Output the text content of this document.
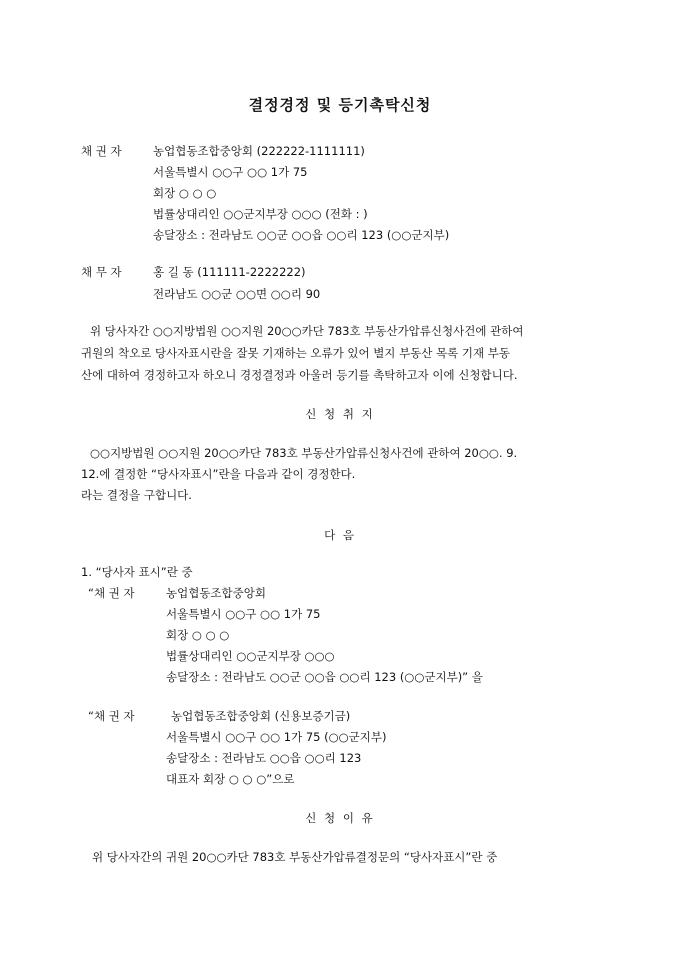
결정경정 및 등기촉탁신청
채 권 자	농업협동조합중앙회 (222222-1111111)
서울특별시 ○○구 ○○ 1가 75
회장 ○ ○ ○
법률상대리인 ○○군지부장 ○○○ (전화 : )
송달장소 : 전라남도 ○○군 ○○읍 ○○리 123 (○○군지부)
채 무 자	홍 길 동 (111111-2222222)
전라남도 ○○군 ○○면 ○○리 90
위 당사자간 ○○지방법원 ○○지원 20○○카단 783호 부동산가압류신청사건에 관하여
귀원의 착오로 당사자표시란을 잘못 기재하는 오류가 있어 별지 부동산 목록 기재 부동
산에 대하여 경정하고자 하오니 경정결정과 아울러 등기를 촉탁하고자 이에 신청합니다.
신 청 취 지
○○지방법원 ○○지원 20○○카단 783호 부동산가압류신청사건에 관하여 20○○. 9.
12.에 결정한 “당사자표시”란을 다음과 같이 경정한다.
라는 결정을 구합니다.
다 음
1. “당사자 표시”란 중
“채 권 자	농업협동조합중앙회
서울특별시 ○○구 ○○ 1가 75
회장 ○ ○ ○
법률상대리인 ○○군지부장 ○○○
송달장소 : 전라남도 ○○군 ○○읍 ○○리 123 (○○군지부)” 을
“채 권 자	농업협동조합중앙회 (신용보증기금)
서울특별시 ○○구 ○○ 1가 75 (○○군지부)
송달장소 : 전라남도 ○○읍 ○○리 123
대표자 회장 ○ ○ ○”으로
신 청 이 유
위 당사자간의 귀원 20○○카단 783호 부동산가압류결정문의 “당사자표시”란 중
